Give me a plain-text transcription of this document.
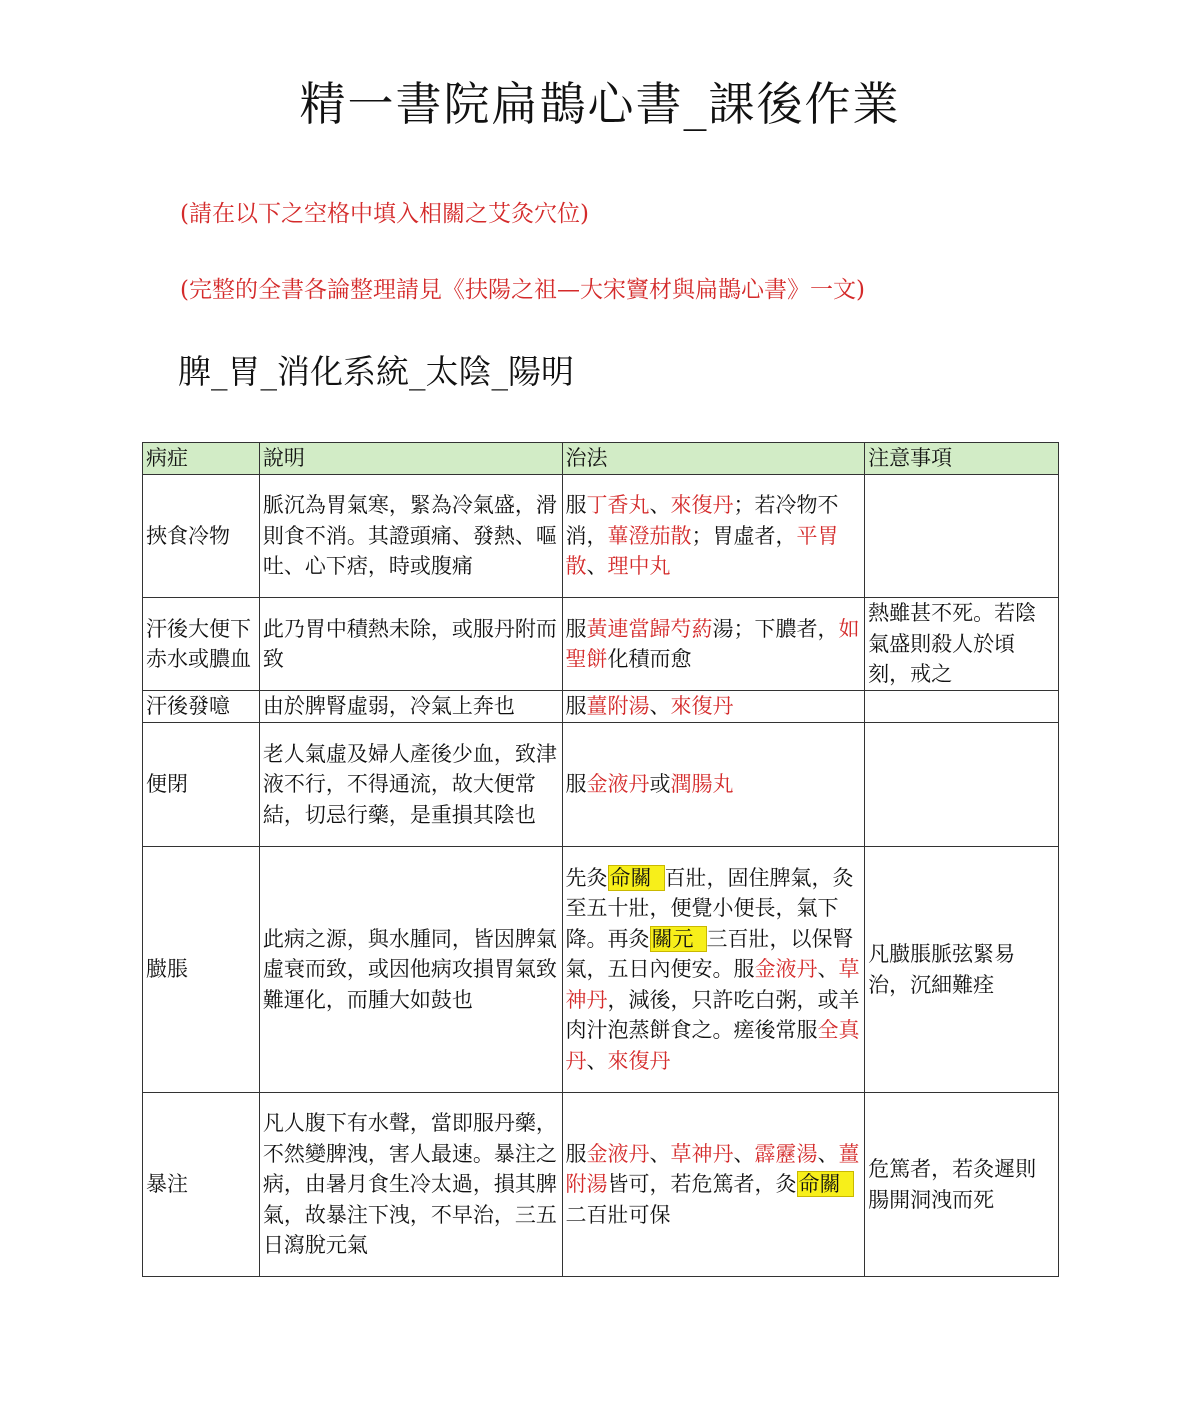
精一書院扁鵲心書_課後作業
(請在以下之空格中填入相關之艾灸穴位)
(完整的全書各論整理請見《扶陽之祖—大宋竇材與扁鵲心書》一文)
脾_胃_消化系統_太陰_陽明
病症	說明	治法	注意事項
挾食冷物	脈沉為胃氣寒，緊為冷氣盛，滑則食不消。其證頭痛、發熱、嘔吐、心下痞，時或腹痛	服丁香丸、來復丹；若冷物不消，蓽澄茄散；胃虛者，平胃散、理中丸	
汗後大便下赤水或膿血	此乃胃中積熱未除，或服丹附而致	服黃連當歸芍葯湯；下膿者，如聖餅化積而愈	熱雖甚不死。若陰氣盛則殺人於頃刻，戒之
汗後發噫	由於脾腎虛弱，冷氣上奔也	服薑附湯、來復丹	
便閉	老人氣虛及婦人產後少血，致津液不行，不得通流，故大便常結，切忌行藥，是重損其陰也	服金液丹或潤腸丸	
臌脹	此病之源，與水腫同，皆因脾氣虛衰而致，或因他病攻損胃氣致難運化，而腫大如鼓也	先灸命關 百壯，固住脾氣，灸至五十壯，便覺小便長，氣下降。再灸關元 三百壯，以保腎氣，五日內便安。服金液丹、草神丹，減後，只許吃白粥，或羊肉汁泡蒸餅食之。瘥後常服全真丹、來復丹	凡臌脹脈弦緊易治，沉細難痊
暴注	凡人腹下有水聲，當即服丹藥，不然變脾洩，害人最速。暴注之病，由暑月食生冷太過，損其脾氣，故暴注下洩，不早治，三五日瀉脫元氣	服金液丹、草神丹、霹靂湯、薑附湯皆可，若危篤者，灸命關二百壯可保	危篤者，若灸遲則腸開洞洩而死
